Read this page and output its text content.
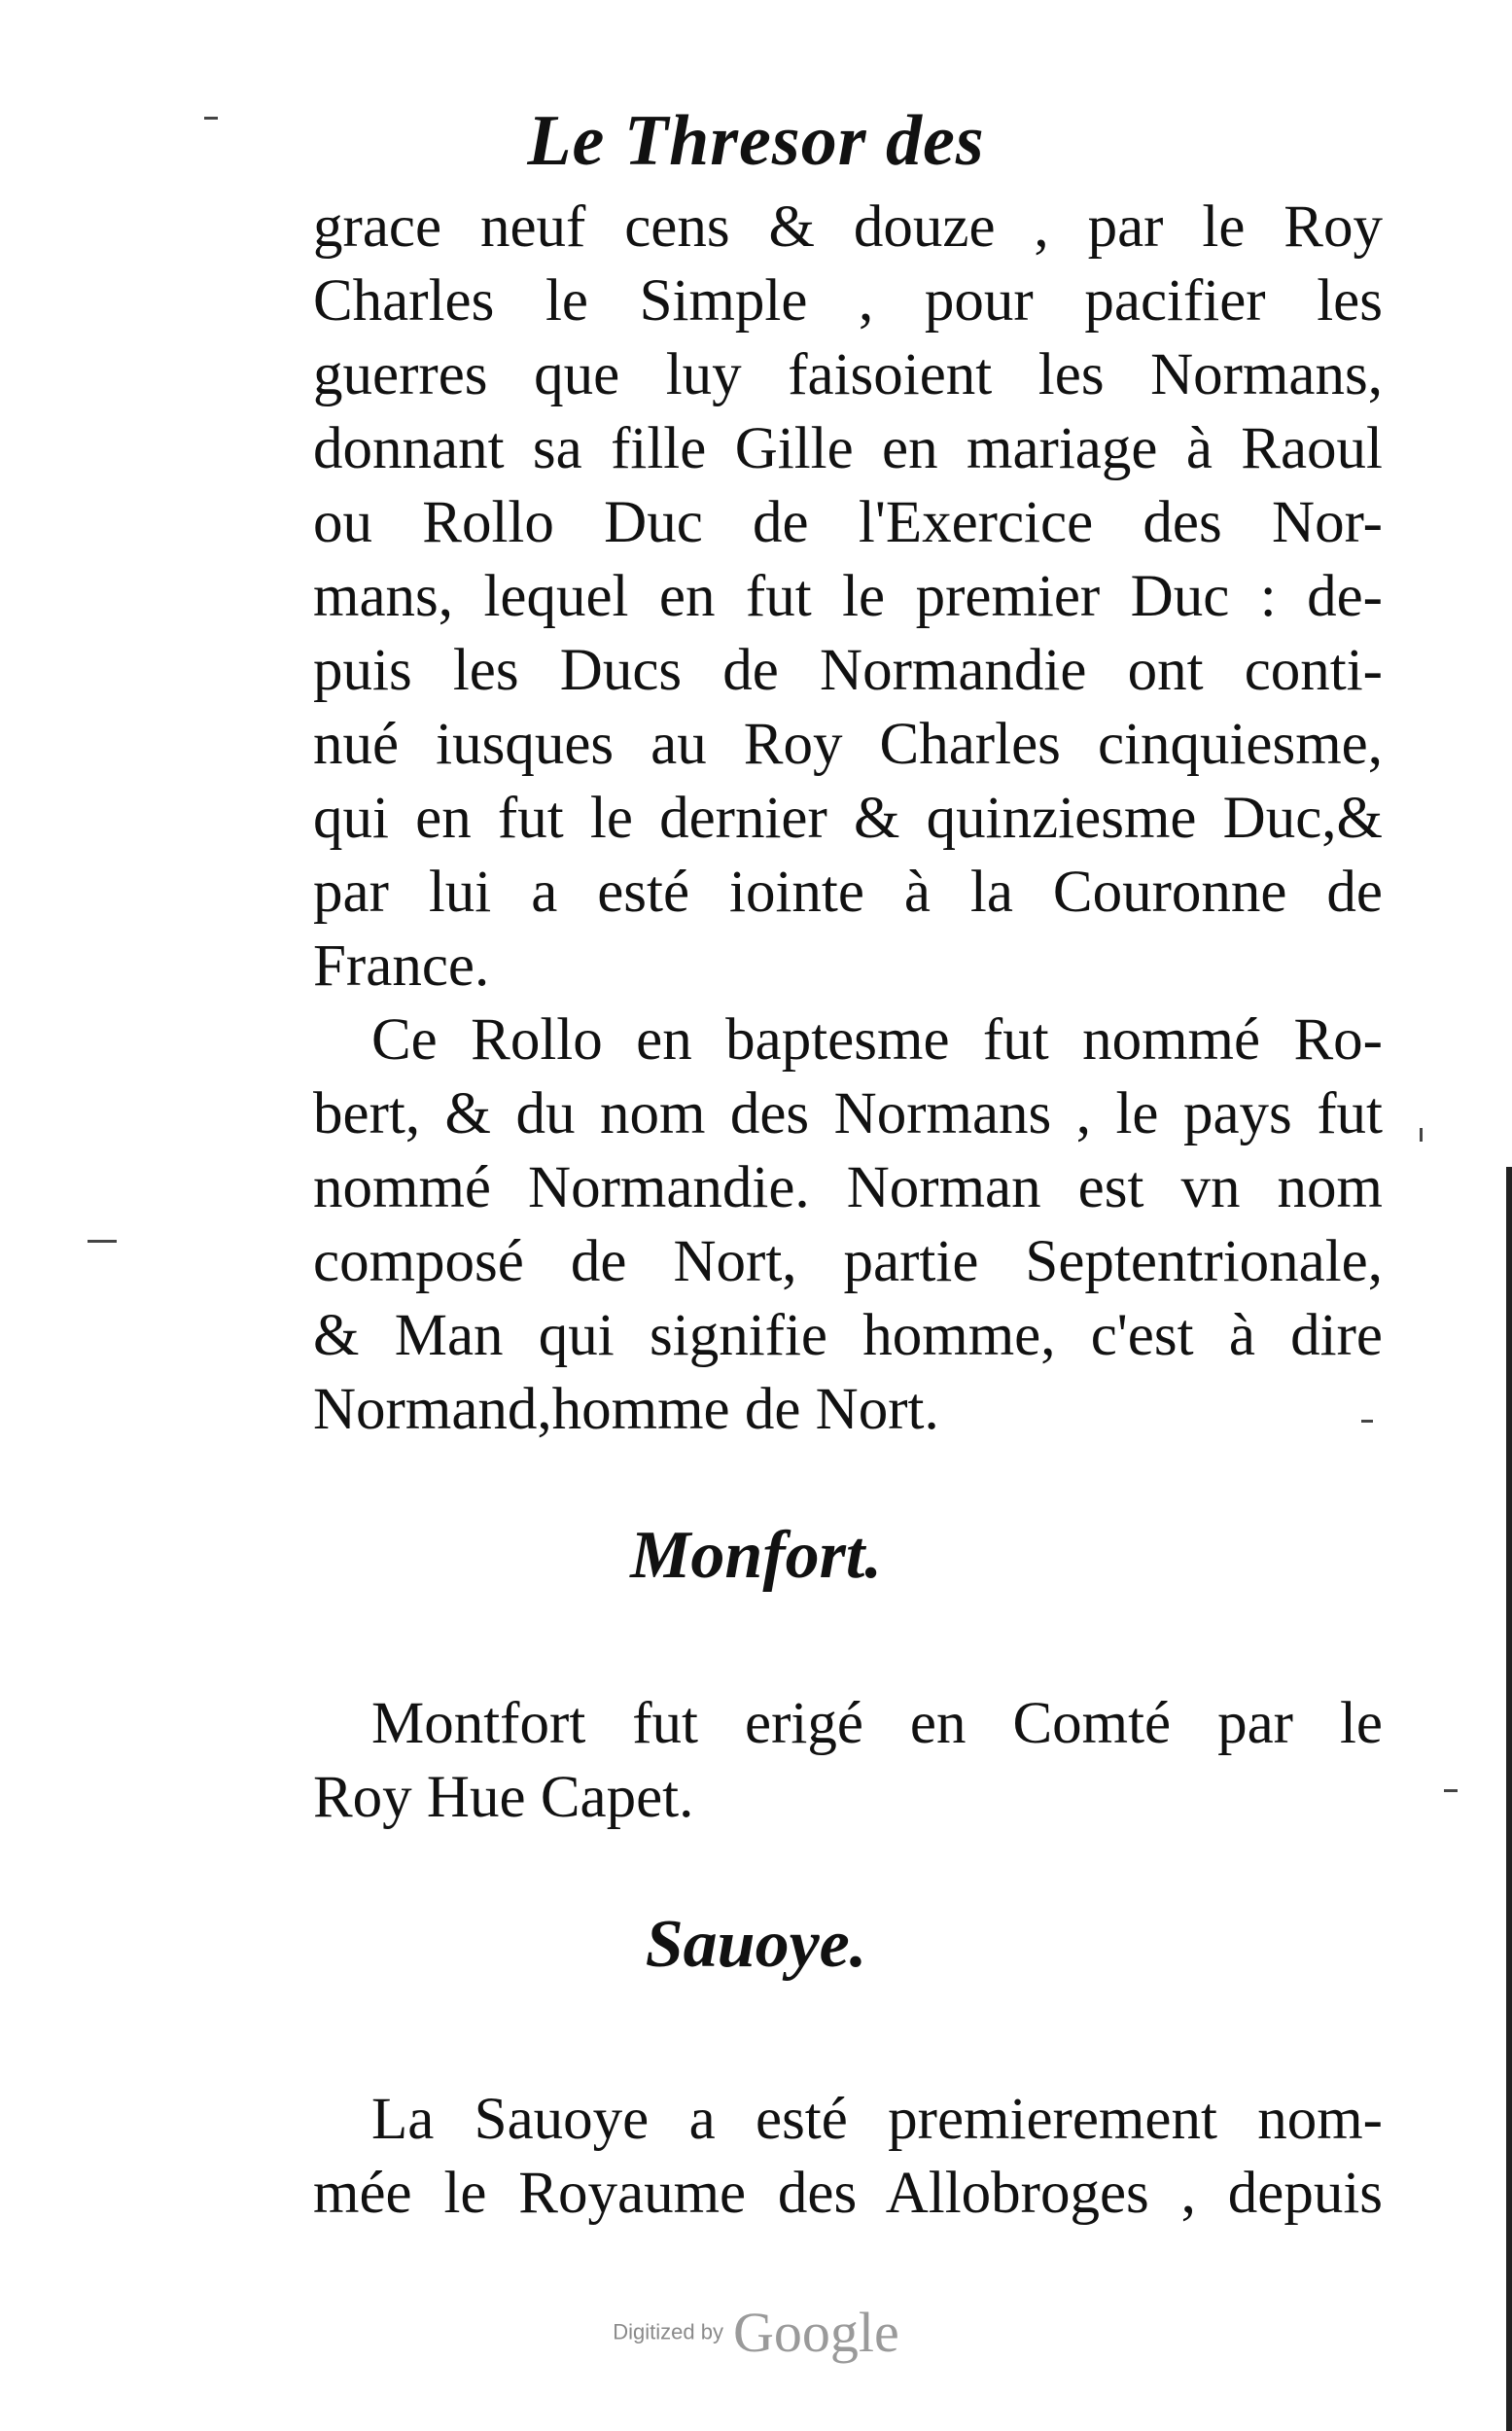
Le Thresor des
grace neuf cens & douze , par le Roy
Charles le Simple , pour pacifier les
guerres que luy faisoient les Normans,
donnant sa fille Gille en mariage à Raoul
ou Rollo Duc de l'Exercice des Nor-
mans, lequel en fut le premier Duc : de-
puis les Ducs de Normandie ont conti-
nué iusques au Roy Charles cinquiesme,
qui en fut le dernier & quinziesme Duc,&
par lui a esté iointe à la Couronne de
France.
Ce Rollo en baptesme fut nommé Ro-
bert, & du nom des Normans , le pays fut
nommé Normandie. Norman est vn nom
composé de Nort, partie Septentrionale,
& Man qui signifie homme, c'est à dire
Normand,homme de Nort.
Monfort.
Montfort fut erigé en Comté par le
Roy Hue Capet.
Sauoye.
La Sauoye a esté premierement nom-
mée le Royaume des Allobroges , depuis
Digitized by Google
